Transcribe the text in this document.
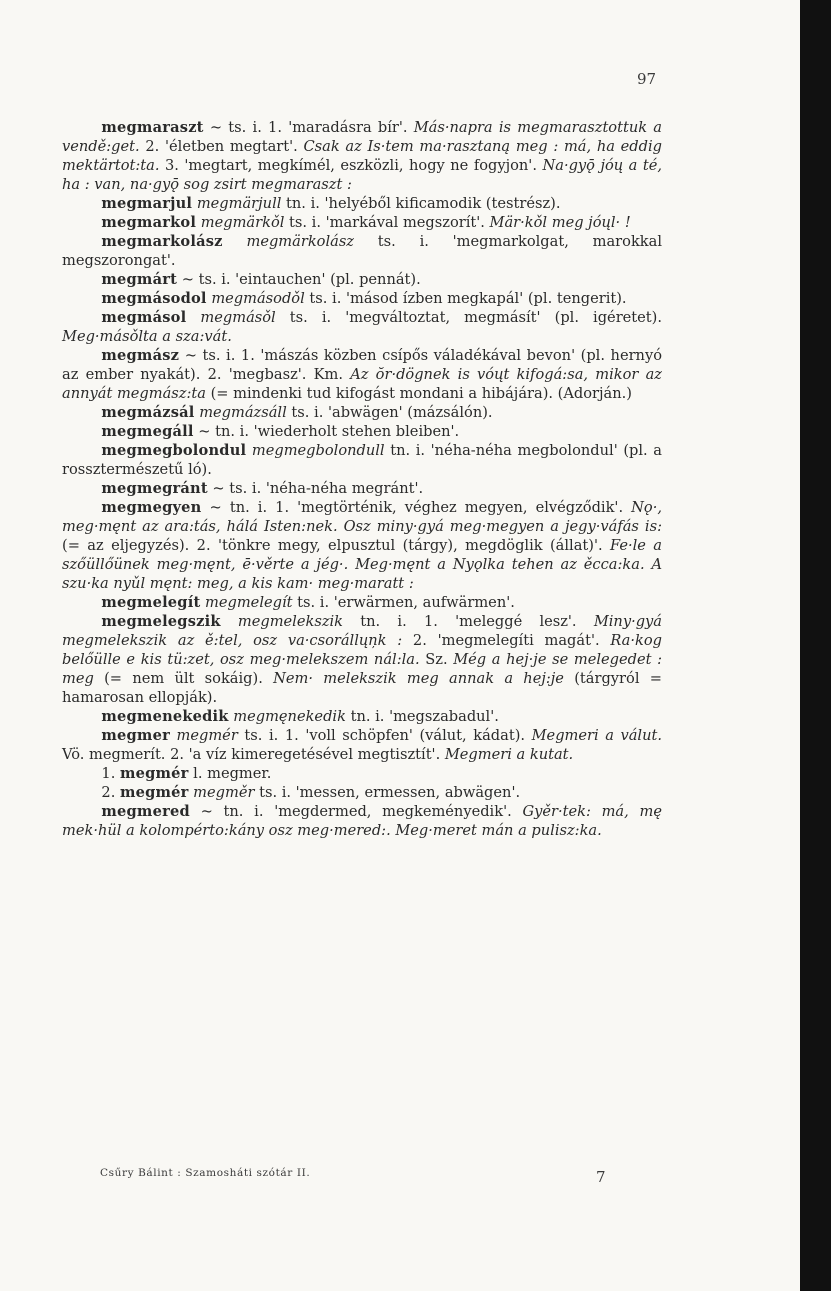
97

megmaraszt ~ ts. i. 1. 'maradásra bír'. Más·napra is megmarasztottuk a vendě:get. 2. 'életben megtart'. Csak az Is·tem ma·rasztaną meg : má, ha eddig mektärtot:ta. 3. 'megtart, megkímél, eszközli, hogy ne fogyjon'. Na·gyǭ jóų a té, ha : van, na·gyǭ sog zsirt megmaraszt :

megmarjul megmärjull tn. i. 'helyéből kificamodik (testrész).

megmarkol megmärkǒl ts. i. 'markával megszorít'. Mär·kǒl meg jóųl· !

megmarkolász megmärkolász ts. i. 'megmarkolgat, marokkal megszorongat'.

megmárt ~ ts. i. 'eintauchen' (pl. pennát).

megmásodol megmásodǒl ts. i. 'másod ízben megkapál' (pl. tengerit).

megmásol megmásǒl ts. i. 'megváltoztat, megmásít' (pl. igéretet). Meg·másǒlta a sza:vát.

megmász ~ ts. i. 1. 'mászás közben csípős váladékával bevon' (pl. hernyó az ember nyakát). 2. 'megbasz'. Km. Az ŏr·dögnek is vóųt kifogá:sa, mikor az annyát megmász:ta (= mindenki tud kifogást mondani a hibájára). (Adorján.)

megmázsál megmázsáll ts. i. 'abwägen' (mázsálón).

megmegáll ~ tn. i. 'wiederholt stehen bleiben'.

megmegbolondul megmegbolondull tn. i. 'néha-néha megbolondul' (pl. a rossztermészetű ló).

megmegránt ~ ts. i. 'néha-néha megránt'.

megmegyen ~ tn. i. 1. 'megtörténik, véghez megyen, elvégződik'. Nǫ·, meg·męnt az ara:tás, hálá Isten:nek. Osz miny·gyá meg·megyen a jegy·váfás is: (= az eljegyzés). 2. 'tönkre megy, elpusztul (tárgy), megdöglik (állat)'. Fe·le a szőüllőünek meg·męnt, ē·věrte a jég·. Meg·męnt a Nyǫlka tehen az ěcca:ka. A szu·ka nyǔl męnt: meg, a kis kam· meg·maratt :

megmelegít megmelegít ts. i. 'erwärmen, aufwärmen'.

megmelegszik megmelekszik tn. i. 1. 'meleggé lesz'. Miny·gyá megmelekszik az ě:tel, osz va·csorállųņk : 2. 'megmelegíti magát'. Ra·kog belőülle e kis tü:zet, osz meg·melekszem nál:la. Sz. Még a hej·je se melegedet : meg (= nem ült sokáig). Nem· melekszik meg annak a hej:je (tárgyról = hamarosan ellopják).

megmenekedik megmęnekedik tn. i. 'megszabadul'.

megmer megmér ts. i. 1. 'voll schöpfen' (válut, kádat). Megmeri a válut. Vö. megmerít. 2. 'a víz kimeregetésével megtisztít'. Megmeri a kutat.

1. megmér l. megmer.

2. megmér megměr ts. i. 'messen, ermessen, abwägen'.

megmered ~ tn. i. 'megdermed, megkeményedik'. Gyěr·tek: má, mę mek·hül a kolompérto:kány osz meg·mered:. Meg·meret mán a pulisz:ka.

Csűry Bálint : Szamosháti szótár II.	7
